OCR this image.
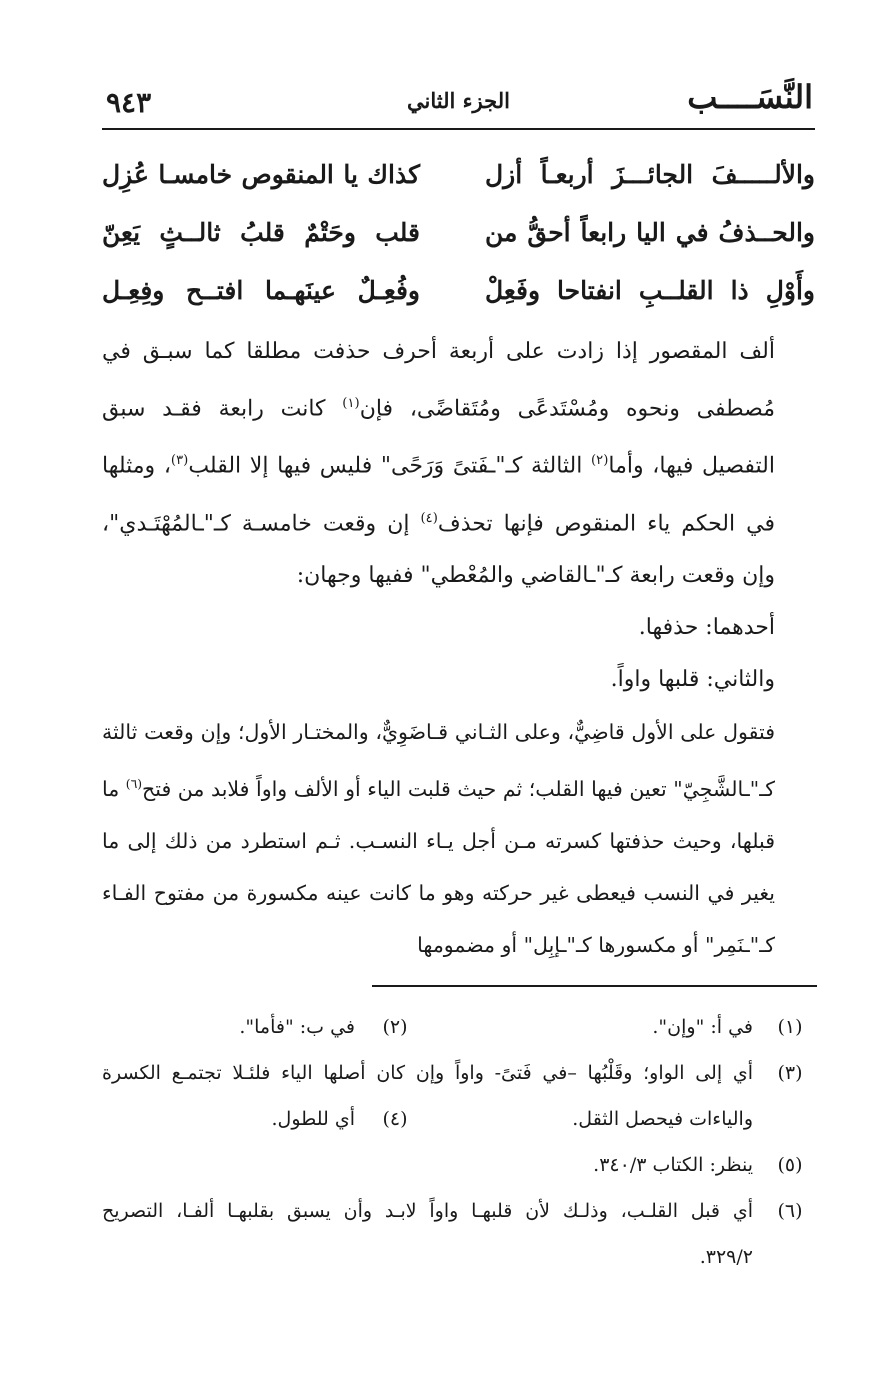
٩٤٣	الجزء الثاني	النَّسَــــب
والألـــــفَ الجائـــزَ أربعـاً أزل
كذاك يا المنقوص خامسـا عُزِل
والحــذفُ في اليا رابعاً أحقُّ من
قلب وحَتْمٌ قلبُ ثالــثٍ يَعِنّ
وأَوْلِ ذا القلــبِ انفتاحا وفَعِلْ
وفُعِـلٌ عينَهـما افتــح وفِعِـل

ألف المقصور إذا زادت على أربعة أحرف حذفت مطلقا كما سبـق في مُصطفى ونحوه ومُسْتَدعًى ومُتَقاضًى، فإن$^{(١)}$ كانت رابعة فقـد سبق التفصيل فيها، وأما$^{(٢)}$ الثالثة كـ"ـفَتىً وَرَحًى" فليس فيها إلا القلب$^{(٣)}$، ومثلها في الحكم ياء المنقوص فإنها تحذف$^{(٤)}$ إن وقعت خامسـة كـ"ـالمُهْتَـدي"، وإن وقعت رابعة كـ"ـالقاضي والمُعْطي" ففيها وجهان:

أحدهما: حذفها.

والثاني: قلبها واواً.

فتقول على الأول قاضِيٌّ، وعلى الثـاني قـاضَوِيٌّ، والمختـار الأول؛ وإن وقعت ثالثة كـ"ـالشَّجِيّ" تعين فيها القلب؛ ثم حيث قلبت الياء أو الألف واواً فلابد من فتح$^{(٦)}$ ما قبلها، وحيث حذفتها كسرته مـن أجل يـاء النسـب. ثـم استطرد من ذلك إلى ما يغير في النسب فيعطى غير حركته وهو ما كانت عينه مكسورة من مفتوح الفـاء كـ"ـنَمِر" أو مكسورها كـ"ـإبِل" أو مضمومها

(١)
في أ: "وإن".
(٢)
في ب: "فأما".
(٣)
أي إلى الواو؛ وقَلْبُها –في فَتىً- واواً وإن كان أصلها الياء فلئـلا تجتمـع الكسرة
والياءات فيحصل الثقل.
(٤)
أي للطول.
(٥)
ينظر: الكتاب ٣٤٠/٣.
(٦)
أي قبل القلـب، وذلـك لأن قلبهـا واواً لابـد وأن يسبق بقلبهـا ألفـا، التصريح
٣٢٩/٢.
